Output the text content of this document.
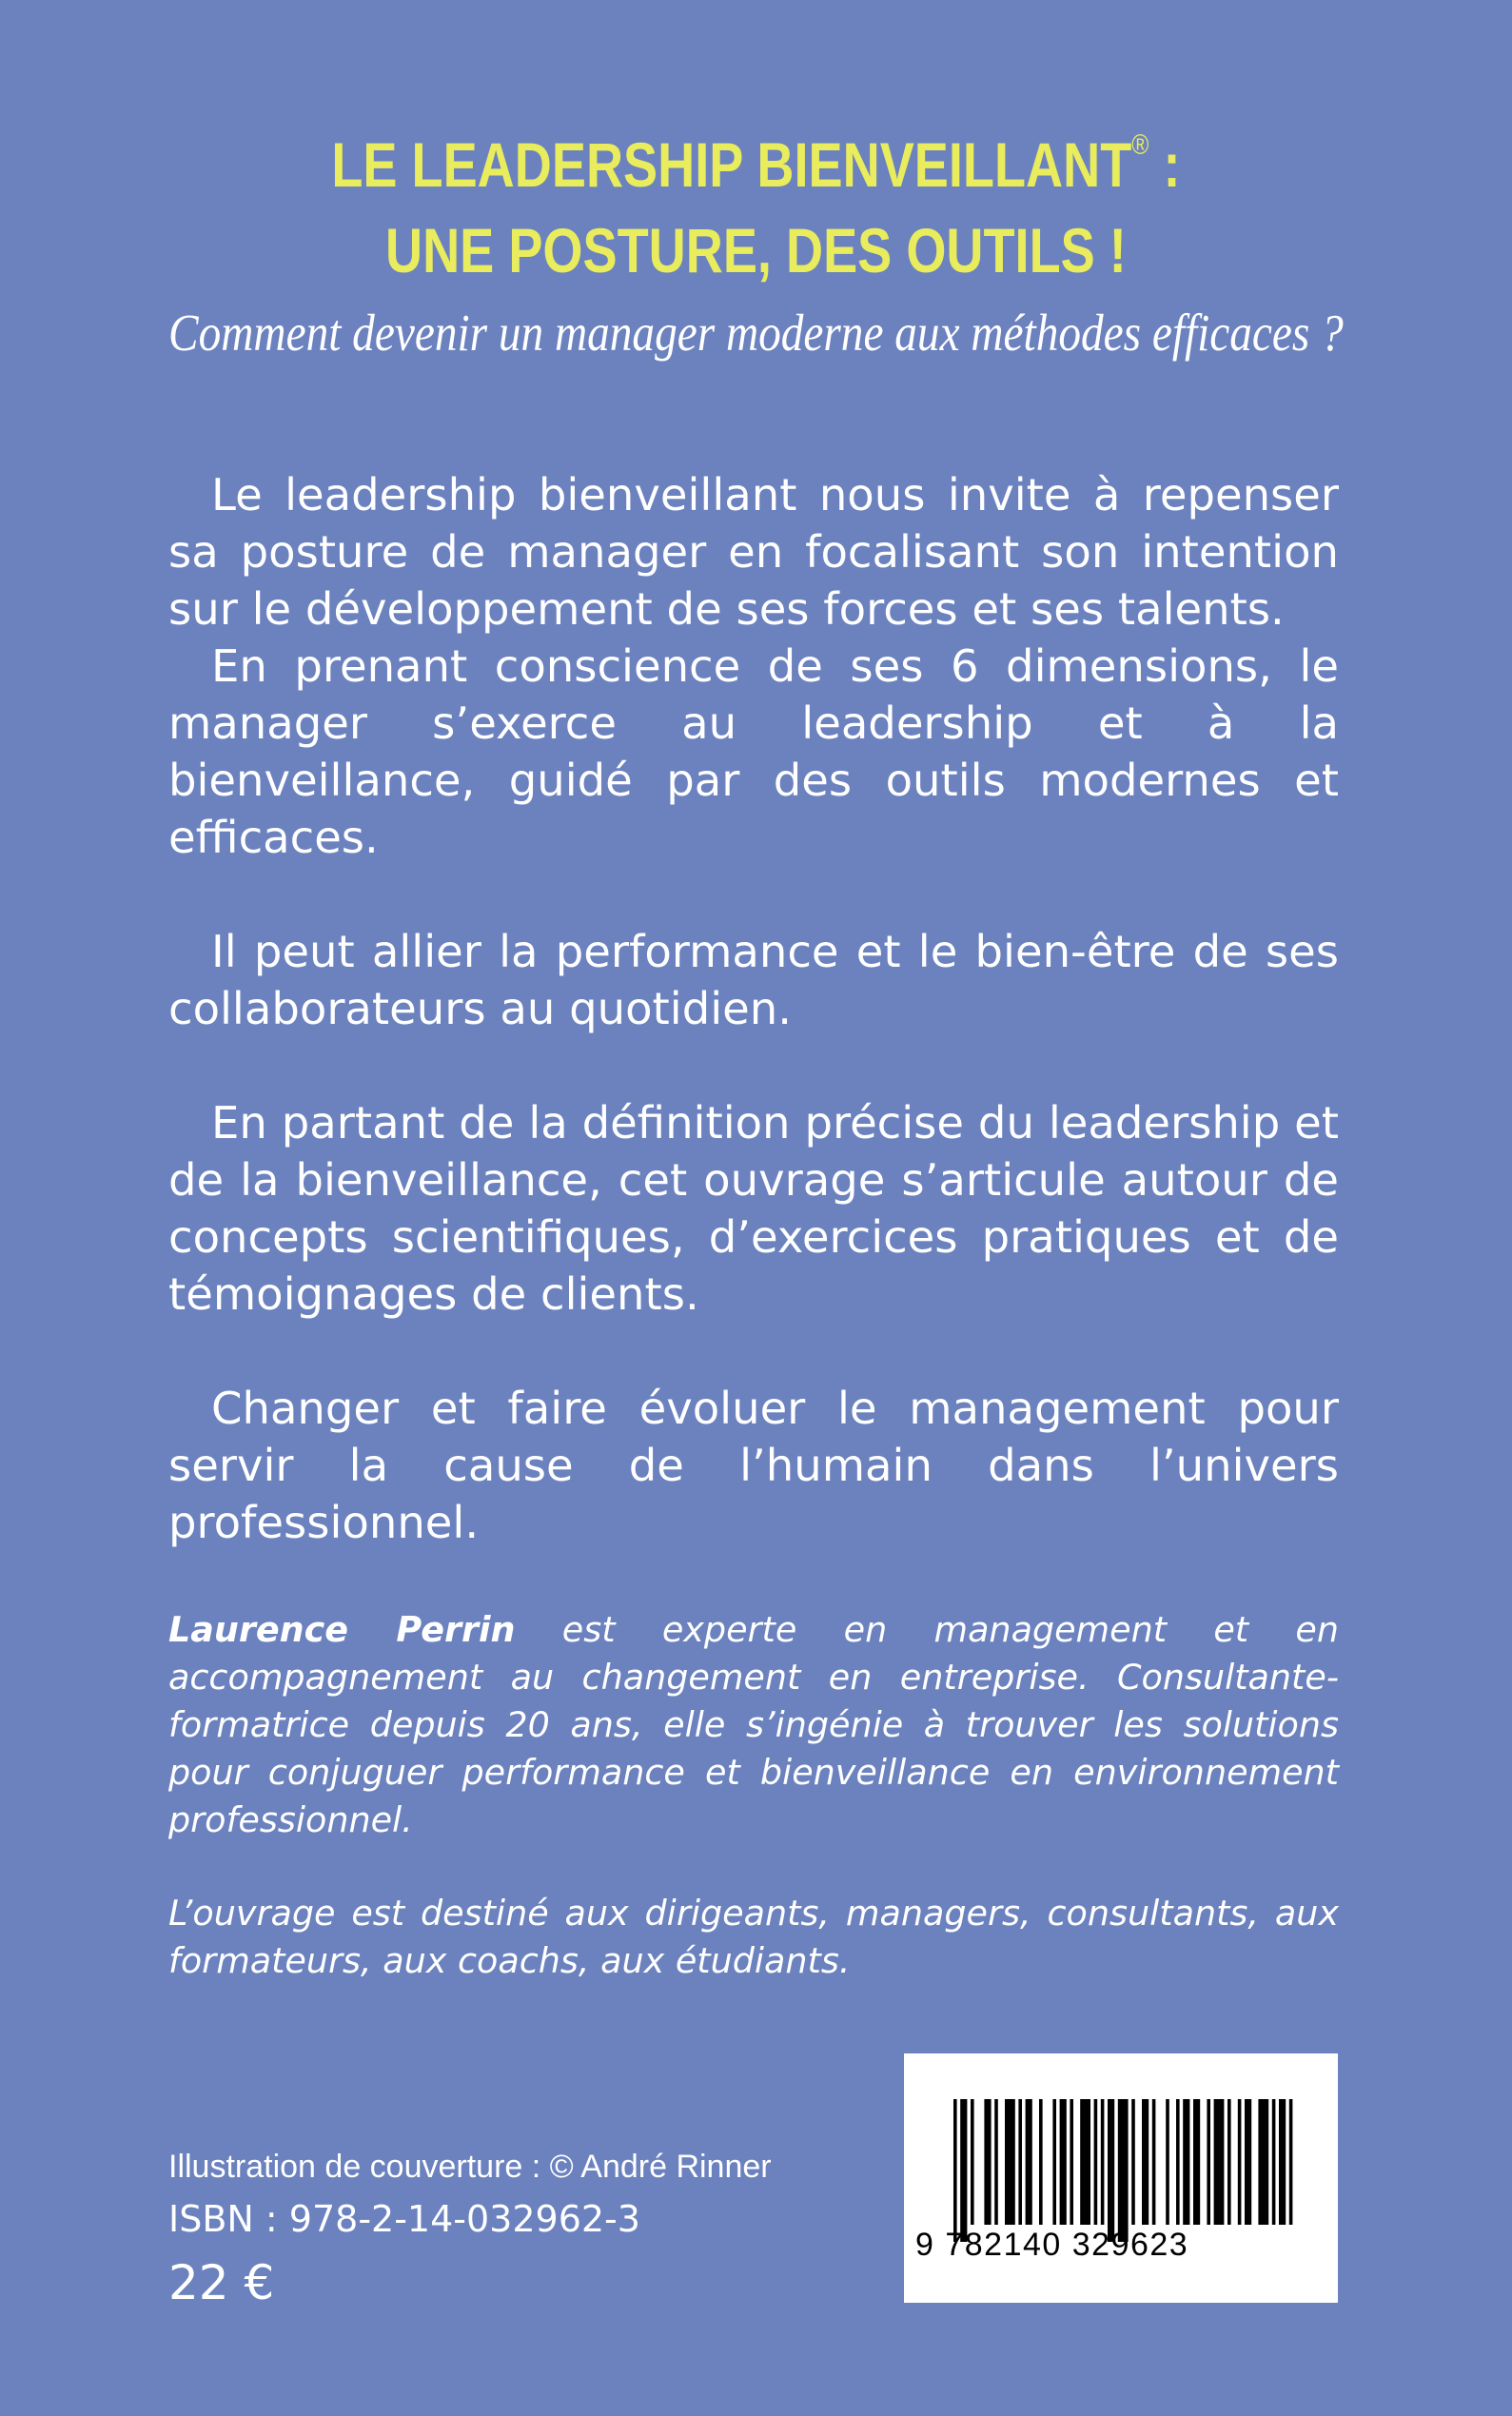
LE LEADERSHIP BIENVEILLANT® :
UNE POSTURE, DES OUTILS !
Comment devenir un manager moderne aux méthodes efficaces ?

Le leadership bienveillant nous invite à repenser sa posture de manager en focalisant son intention sur le développement de ses forces et ses talents.

En prenant conscience de ses 6 dimensions, le manager s’exerce au leadership et à la bienveillance, guidé par des outils modernes et efficaces.

Il peut allier la performance et le bien-être de ses collaborateurs au quotidien.

En partant de la définition précise du leadership et de la bienveillance, cet ouvrage s’articule autour de concepts scientifiques, d’exercices pratiques et de témoignages de clients.

Changer et faire évoluer le management pour servir la cause de l’humain dans l’univers professionnel.

Laurence Perrin est experte en management et en accompagnement au changement en entreprise. Consultante-formatrice depuis 20 ans, elle s’ingénie à trouver les solutions pour conjuguer performance et bienveillance en environnement professionnel.

L’ouvrage est destiné aux dirigeants, managers, consultants, aux formateurs, aux coachs, aux étudiants.

Illustration de couverture : © André Rinner
ISBN : 978-2-14-032962-3
22 €
9 782140 329623
